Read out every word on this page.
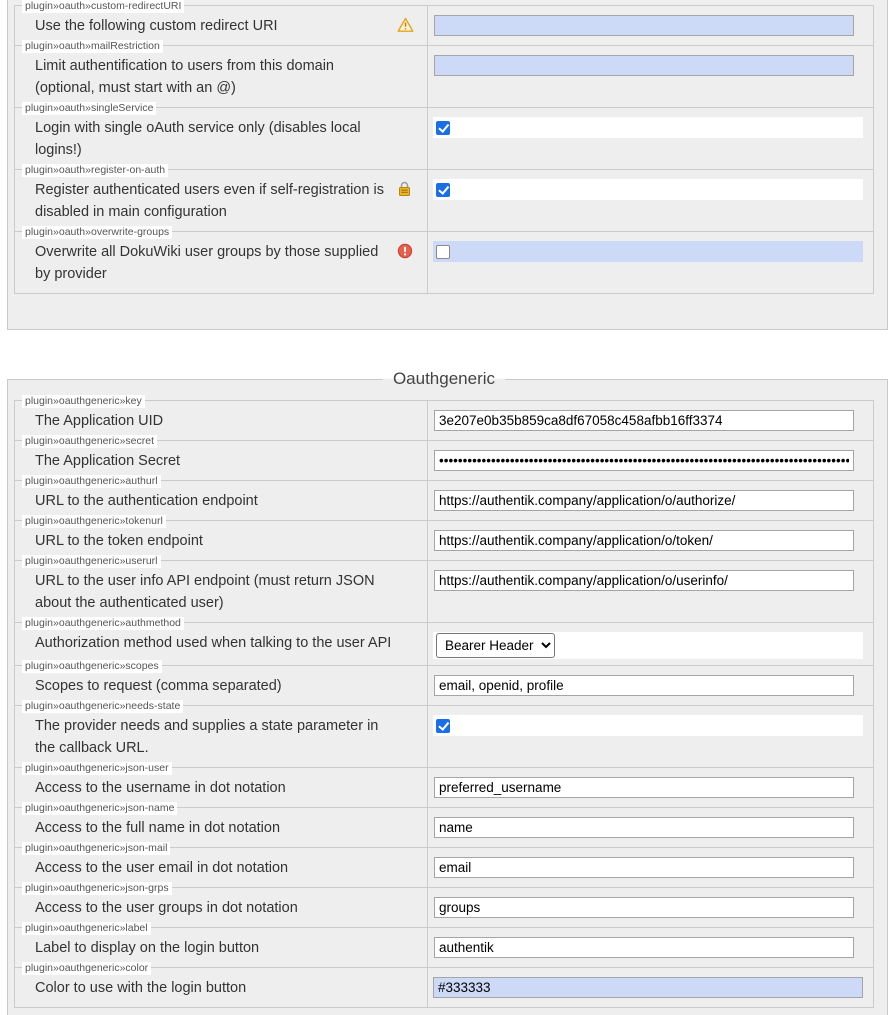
plugin»oauth»custom-redirectURI
Use the following custom redirect URI
plugin»oauth»mailRestriction
Limit authentification to users from this domain (optional, must start with an @)
plugin»oauth»singleService
Login with single oAuth service only (disables local logins!)
plugin»oauth»register-on-auth
Register authenticated users even if self-registration is disabled in main configuration
plugin»oauth»overwrite-groups
Overwrite all DokuWiki user groups by those supplied by provider
Oauthgeneric
plugin»oauthgeneric»key
The Application UID
3e207e0b35b859ca8df67058c458afbb16ff3374
plugin»oauthgeneric»secret
The Application Secret
••••••••••••••••••••••••••••••••••••••••••••••••••••••••••••••••••••••••••••••••••••••••••
plugin»oauthgeneric»authurl
URL to the authentication endpoint
https://authentik.company/application/o/authorize/
plugin»oauthgeneric»tokenurl
URL to the token endpoint
https://authentik.company/application/o/token/
plugin»oauthgeneric»userurl
URL to the user info API endpoint (must return JSON about the authenticated user)
https://authentik.company/application/o/userinfo/
plugin»oauthgeneric»authmethod
Authorization method used when talking to the user API
Bearer Header
plugin»oauthgeneric»scopes
Scopes to request (comma separated)
email, openid, profile
plugin»oauthgeneric»needs-state
The provider needs and supplies a state parameter in the callback URL.
plugin»oauthgeneric»json-user
Access to the username in dot notation
preferred_username
plugin»oauthgeneric»json-name
Access to the full name in dot notation
name
plugin»oauthgeneric»json-mail
Access to the user email in dot notation
email
plugin»oauthgeneric»json-grps
Access to the user groups in dot notation
groups
plugin»oauthgeneric»label
Label to display on the login button
authentik
plugin»oauthgeneric»color
Color to use with the login button
#333333
